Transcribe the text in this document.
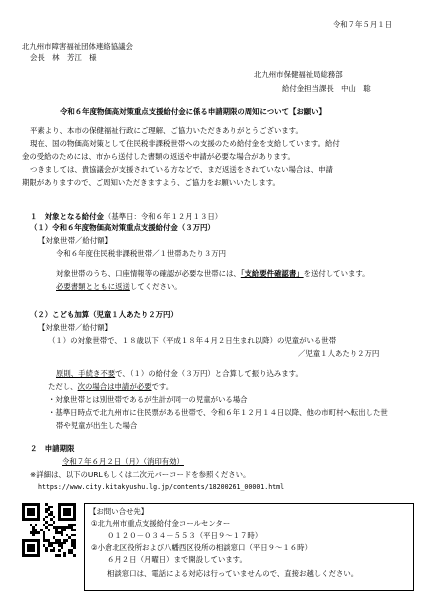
令和７年５月１日
北九州市障害福祉団体連絡協議会
会長　林　芳江　様
北九州市保健福祉局総務部
給付金担当課長　中山　聡
令和６年度物価高対策重点支援給付金に係る申請期限の周知について【お願い】
平素より、本市の保健福祉行政にご理解、ご協力いただきありがとうございます。
現在、国の物価高対策として住民税非課税世帯への支援のため給付金を支給しています。給付
金の受給のためには、市から送付した書類の返送や申請が必要な場合があります。
つきましては、貴協議会が支援されている方などで、まだ返送をされていない場合は、申請
期限がありますので、ご周知いただきますよう、ご協力をお願いいたします。
１　対象となる給付金（基準日：令和６年１２月１３日）
（１）令和６年度物価高対策重点支援給付金（３万円）
【対象世帯／給付額】
令和６年度住民税非課税世帯／１世帯あたり３万円
対象世帯のうち、口座情報等の確認が必要な世帯には、「支給要件確認書」を送付しています。
必要書類とともに返送してください。
（２）こども加算（児童１人あたり２万円）
【対象世帯／給付額】
（１）の対象世帯で、１８歳以下（平成１８年４月２日生まれ以降）の児童がいる世帯
／児童１人あたり２万円
原則、手続き不要で、（１）の給付金（３万円）と合算して振り込みます。
ただし、次の場合は申請が必要です。
・対象世帯とは別世帯であるが生計が同一の児童がいる場合
・基準日時点で北九州市に住民票がある世帯で、令和６年１２月１４日以降、他の市町村へ転出した世
帯や児童が出生した場合
２　申請期限
令和７年６月２日（月）（消印有効）
※詳細は、以下のURLもしくは二次元バーコードを参照ください。
https://www.city.kitakyushu.lg.jp/contents/18200261_00001.html
【お問い合せ先】
①北九州市重点支援給付金コールセンター
０１２０－０３４－５５３（平日９～１７時）
②小倉北区役所および八幡西区役所の相談窓口（平日９～１６時）
６月２日（月曜日）まで開設しています。
相談窓口は、電話による対応は行っていませんので、直接お越しください。
